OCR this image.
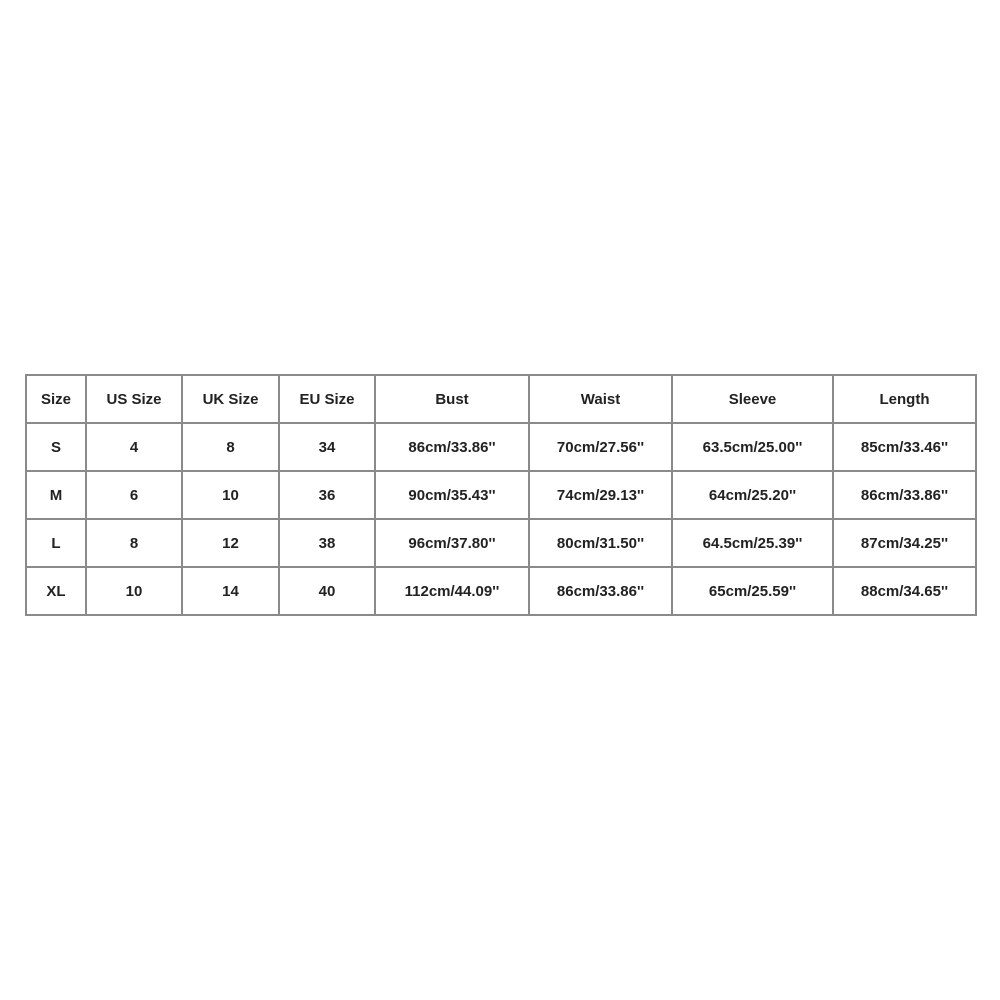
Size	US Size	UK Size	EU Size	Bust	Waist	Sleeve	Length
S	4	8	34	86cm/33.86''	70cm/27.56''	63.5cm/25.00''	85cm/33.46''
M	6	10	36	90cm/35.43''	74cm/29.13''	64cm/25.20''	86cm/33.86''
L	8	12	38	96cm/37.80''	80cm/31.50''	64.5cm/25.39''	87cm/34.25''
XL	10	14	40	112cm/44.09''	86cm/33.86''	65cm/25.59''	88cm/34.65''
